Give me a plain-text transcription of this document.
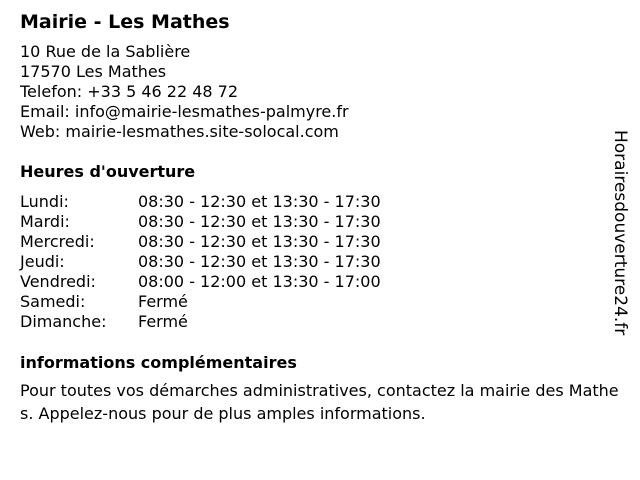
Mairie - Les Mathes
10 Rue de la Sablière
17570 Les Mathes
Telefon: +33 5 46 22 48 72
Email: info@mairie-lesmathes-palmyre.fr
Web: mairie-lesmathes.site-solocal.com
Heures d'ouverture
Lundi:	08:30 - 12:30 et 13:30 - 17:30
Mardi:	08:30 - 12:30 et 13:30 - 17:30
Mercredi:	08:30 - 12:30 et 13:30 - 17:30
Jeudi:	08:30 - 12:30 et 13:30 - 17:30
Vendredi:	08:00 - 12:00 et 13:30 - 17:00
Samedi:	Fermé
Dimanche:	Fermé
informations complémentaires

Pour toutes vos démarches administratives, contactez la mairie des Mathes. Appelez-nous pour de plus amples informations.

Horairesdouverture24.fr
